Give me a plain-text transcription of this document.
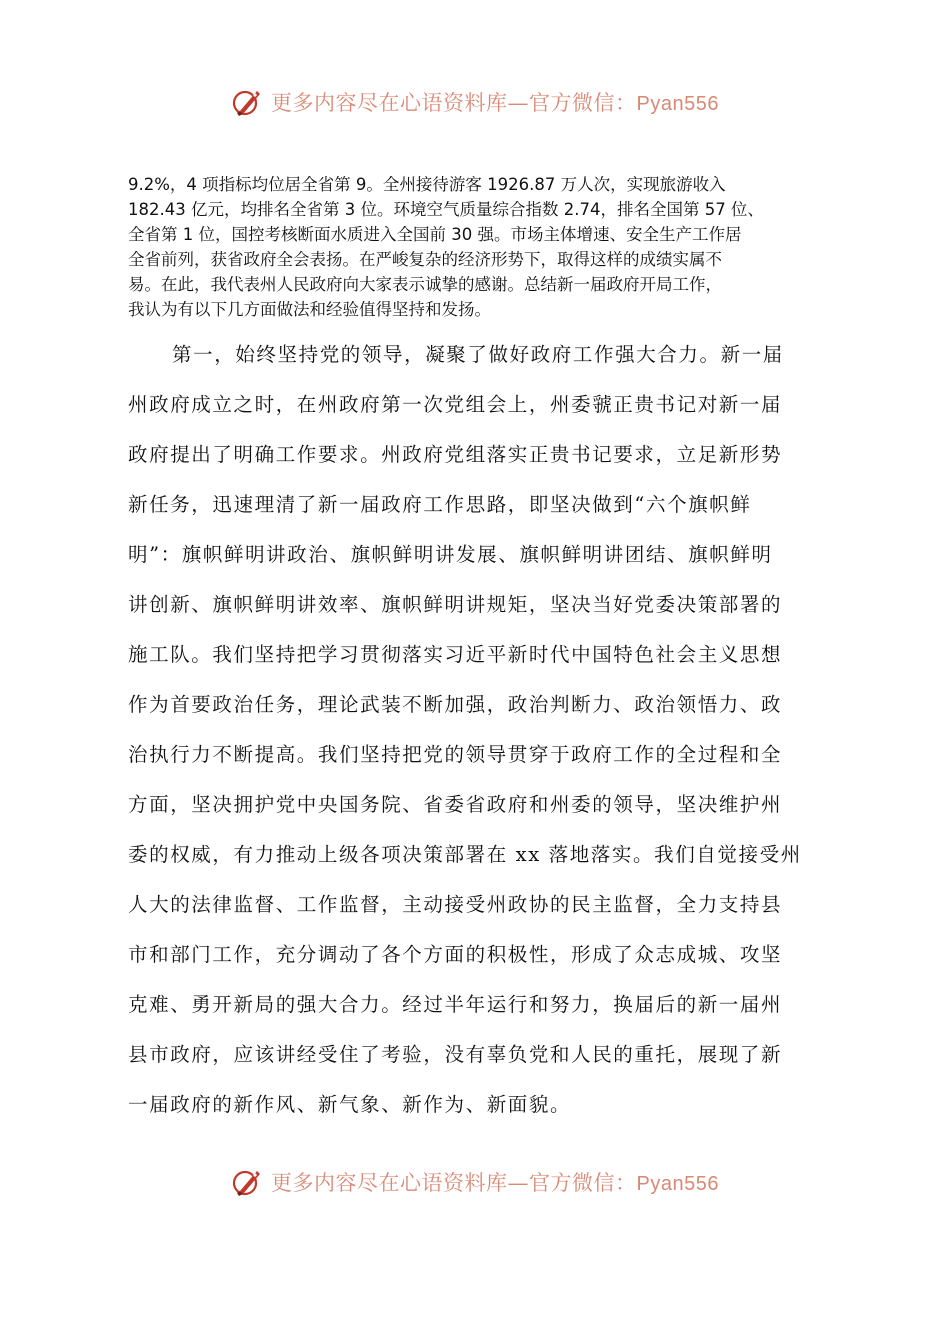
更多内容尽在心语资料库—官方微信：Pyan556
9.2%，4 项指标均位居全省第 9。全州接待游客 1926.87 万人次，实现旅游收入
182.43 亿元，均排名全省第 3 位。环境空气质量综合指数 2.74，排名全国第 57 位、
全省第 1 位，国控考核断面水质进入全国前 30 强。市场主体增速、安全生产工作居
全省前列，获省政府全会表扬。在严峻复杂的经济形势下，取得这样的成绩实属不
易。在此，我代表州人民政府向大家表示诚挚的感谢。总结新一届政府开局工作，
我认为有以下几方面做法和经验值得坚持和发扬。
第一，始终坚持党的领导，凝聚了做好政府工作强大合力。新一届
州政府成立之时，在州政府第一次党组会上，州委虢正贵书记对新一届
政府提出了明确工作要求。州政府党组落实正贵书记要求，立足新形势
新任务，迅速理清了新一届政府工作思路，即坚决做到“六个旗帜鲜
明”：旗帜鲜明讲政治、旗帜鲜明讲发展、旗帜鲜明讲团结、旗帜鲜明
讲创新、旗帜鲜明讲效率、旗帜鲜明讲规矩，坚决当好党委决策部署的
施工队。我们坚持把学习贯彻落实习近平新时代中国特色社会主义思想
作为首要政治任务，理论武装不断加强，政治判断力、政治领悟力、政
治执行力不断提高。我们坚持把党的领导贯穿于政府工作的全过程和全
方面，坚决拥护党中央国务院、省委省政府和州委的领导，坚决维护州
委的权威，有力推动上级各项决策部署在 xx 落地落实。我们自觉接受州
人大的法律监督、工作监督，主动接受州政协的民主监督，全力支持县
市和部门工作，充分调动了各个方面的积极性，形成了众志成城、攻坚
克难、勇开新局的强大合力。经过半年运行和努力，换届后的新一届州
县市政府，应该讲经受住了考验，没有辜负党和人民的重托，展现了新
一届政府的新作风、新气象、新作为、新面貌。
更多内容尽在心语资料库—官方微信：Pyan556
